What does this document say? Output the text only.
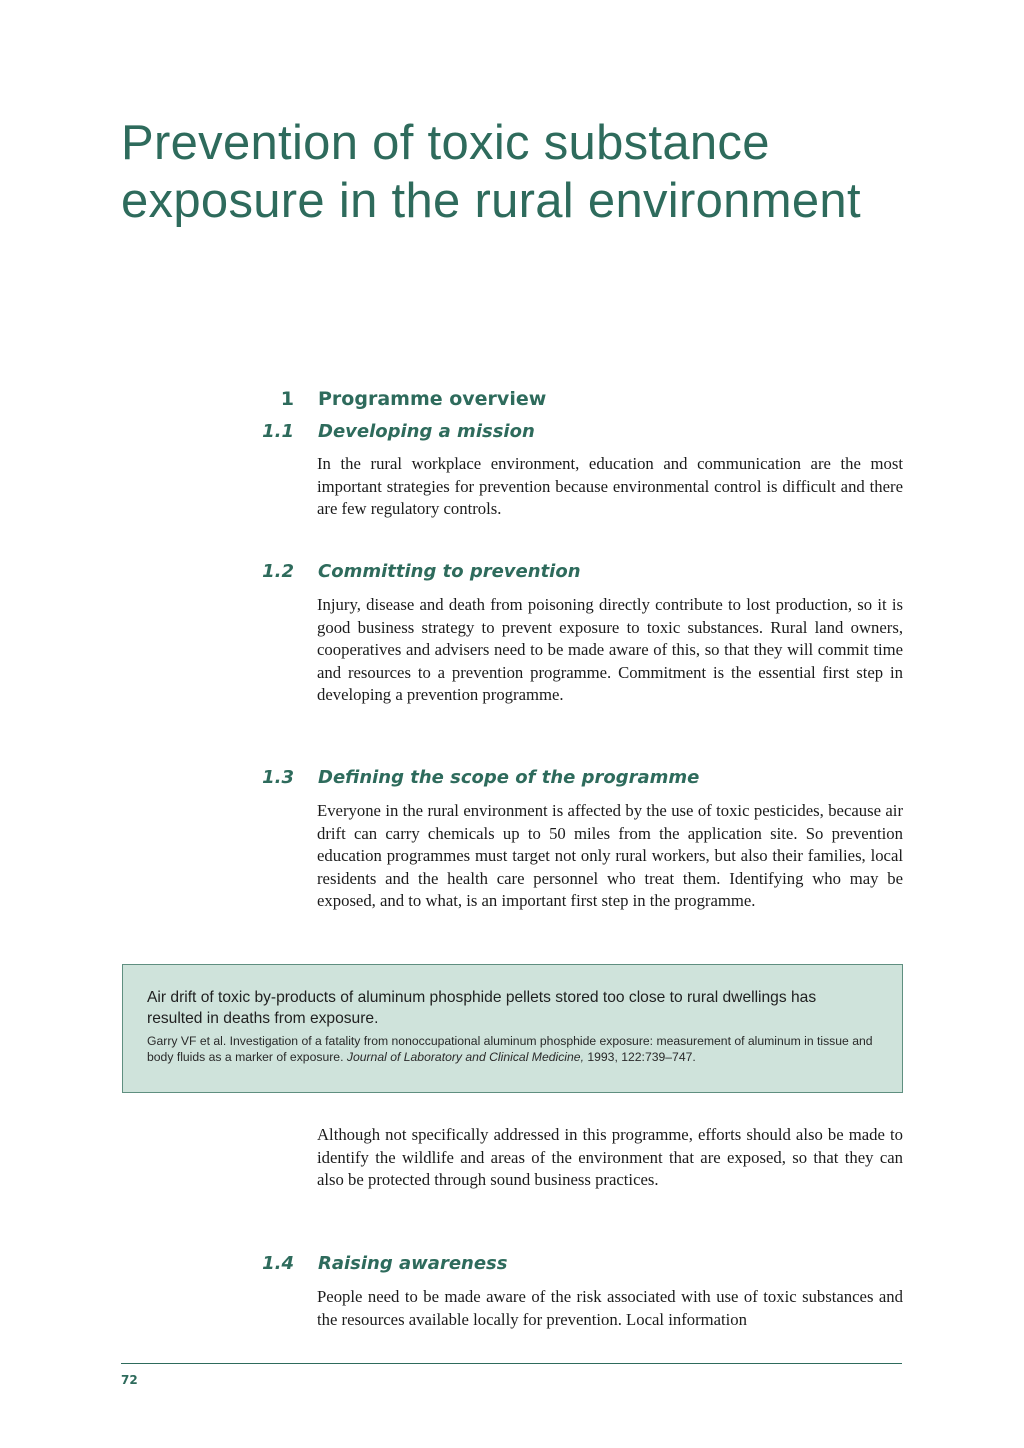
Prevention of toxic substance
exposure in the rural environment
1 Programme overview
1.1 Developing a mission

In the rural workplace environment, education and communication are the most important strategies for prevention because environmental control is difficult and there are few regulatory controls.

1.2 Committing to prevention

Injury, disease and death from poisoning directly contribute to lost production, so it is good business strategy to prevent exposure to toxic substances. Rural land owners, cooperatives and advisers need to be made aware of this, so that they will commit time and resources to a prevention programme. Commitment is the essential first step in developing a prevention programme.

1.3 Defining the scope of the programme

Everyone in the rural environment is affected by the use of toxic pesticides, because air drift can carry chemicals up to 50 miles from the application site. So prevention education programmes must target not only rural workers, but also their families, local residents and the health care personnel who treat them. Identifying who may be exposed, and to what, is an important first step in the programme.

Air drift of toxic by-products of aluminum phosphide pellets stored too close to rural dwellings has resulted in deaths from exposure.

Garry VF et al. Investigation of a fatality from nonoccupational aluminum phosphide exposure: measurement of aluminum in tissue and body fluids as a marker of exposure. Journal of Laboratory and Clinical Medicine, 1993, 122:739–747.

Although not specifically addressed in this programme, efforts should also be made to identify the wildlife and areas of the environment that are exposed, so that they can also be protected through sound business practices.

1.4 Raising awareness

People need to be made aware of the risk associated with use of toxic substances and the resources available locally for prevention. Local information

72
